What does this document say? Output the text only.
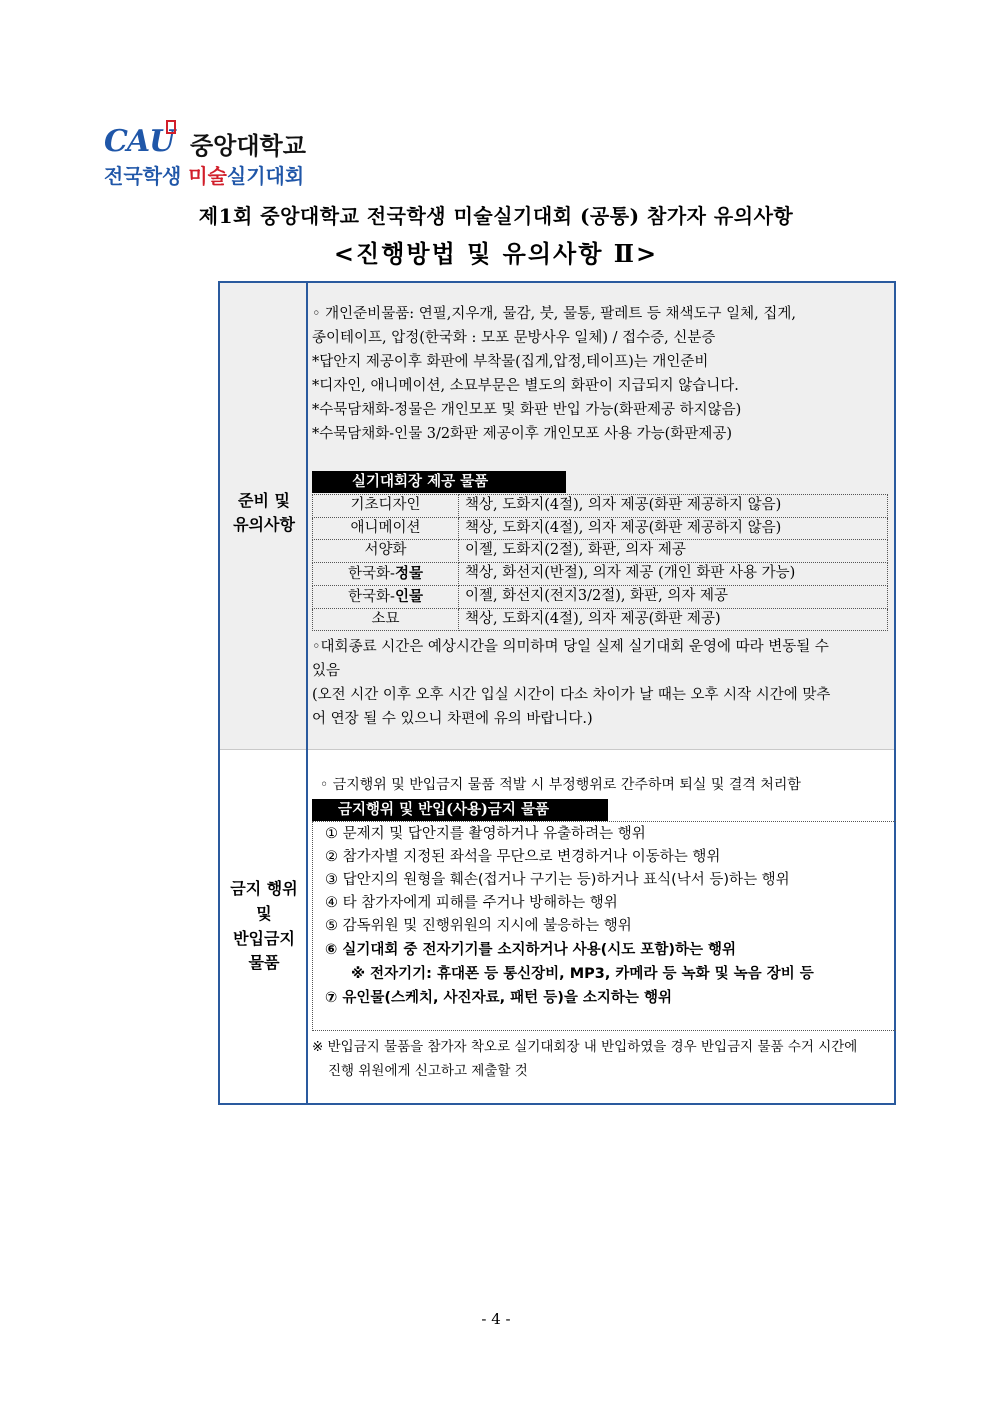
CAU 중앙대학교
전국학생 미술실기대회
제1회 중앙대학교 전국학생 미술실기대회 (공통) 참가자 유의사항
<진행방법 및 유의사항 Ⅱ>
준비 및
유의사항
금지 행위
및
반입금지
물품
◦ 개인준비물품: 연필,지우개, 물감, 붓, 물통, 팔레트 등 채색도구 일체, 집게,
종이테이프, 압정(한국화 : 모포 문방사우 일체) / 접수증, 신분증
*답안지 제공이후 화판에 부착물(집게,압정,테이프)는 개인준비
*디자인, 애니메이션, 소묘부문은 별도의 화판이 지급되지 않습니다.
*수묵담채화-정물은 개인모포 및 화판 반입 가능(화판제공 하지않음)
*수묵담채화-인물 3/2화판 제공이후 개인모포 사용 가능(화판제공)
실기대회장 제공 물품
기초디자인	책상, 도화지(4절), 의자 제공(화판 제공하지 않음)
애니메이션	책상, 도화지(4절), 의자 제공(화판 제공하지 않음)
서양화	이젤, 도화지(2절), 화판, 의자 제공
한국화-정물	책상, 화선지(반절), 의자 제공 (개인 화판 사용 가능)
한국화-인물	이젤, 화선지(전지3/2절), 화판, 의자 제공
소묘	책상, 도화지(4절), 의자 제공(화판 제공)
◦대회종료 시간은 예상시간을 의미하며 당일 실제 실기대회 운영에 따라 변동될 수
있음
(오전 시간 이후 오후 시간 입실 시간이 다소 차이가 날 때는 오후 시작 시간에 맞추
어 연장 될 수 있으니 차편에 유의 바랍니다.)
◦ 금지행위 및 반입금지 물품 적발 시 부정행위로 간주하며 퇴실 및 결격 처리함
금지행위 및 반입(사용)금지 물품
① 문제지 및 답안지를 촬영하거나 유출하려는 행위
② 참가자별 지정된 좌석을 무단으로 변경하거나 이동하는 행위
③ 답안지의 원형을 훼손(접거나 구기는 등)하거나 표식(낙서 등)하는 행위
④ 타 참가자에게 피해를 주거나 방해하는 행위
⑤ 감독위원 및 진행위원의 지시에 불응하는 행위
⑥ 실기대회 중 전자기기를 소지하거나 사용(시도 포함)하는 행위
※ 전자기기: 휴대폰 등 통신장비, MP3, 카메라 등 녹화 및 녹음 장비 등
⑦ 유인물(스케치, 사진자료, 패턴 등)을 소지하는 행위
※ 반입금지 물품을 참가자 착오로 실기대회장 내 반입하였을 경우 반입금지 물품 수거 시간에
진행 위원에게 신고하고 제출할 것
- 4 -
